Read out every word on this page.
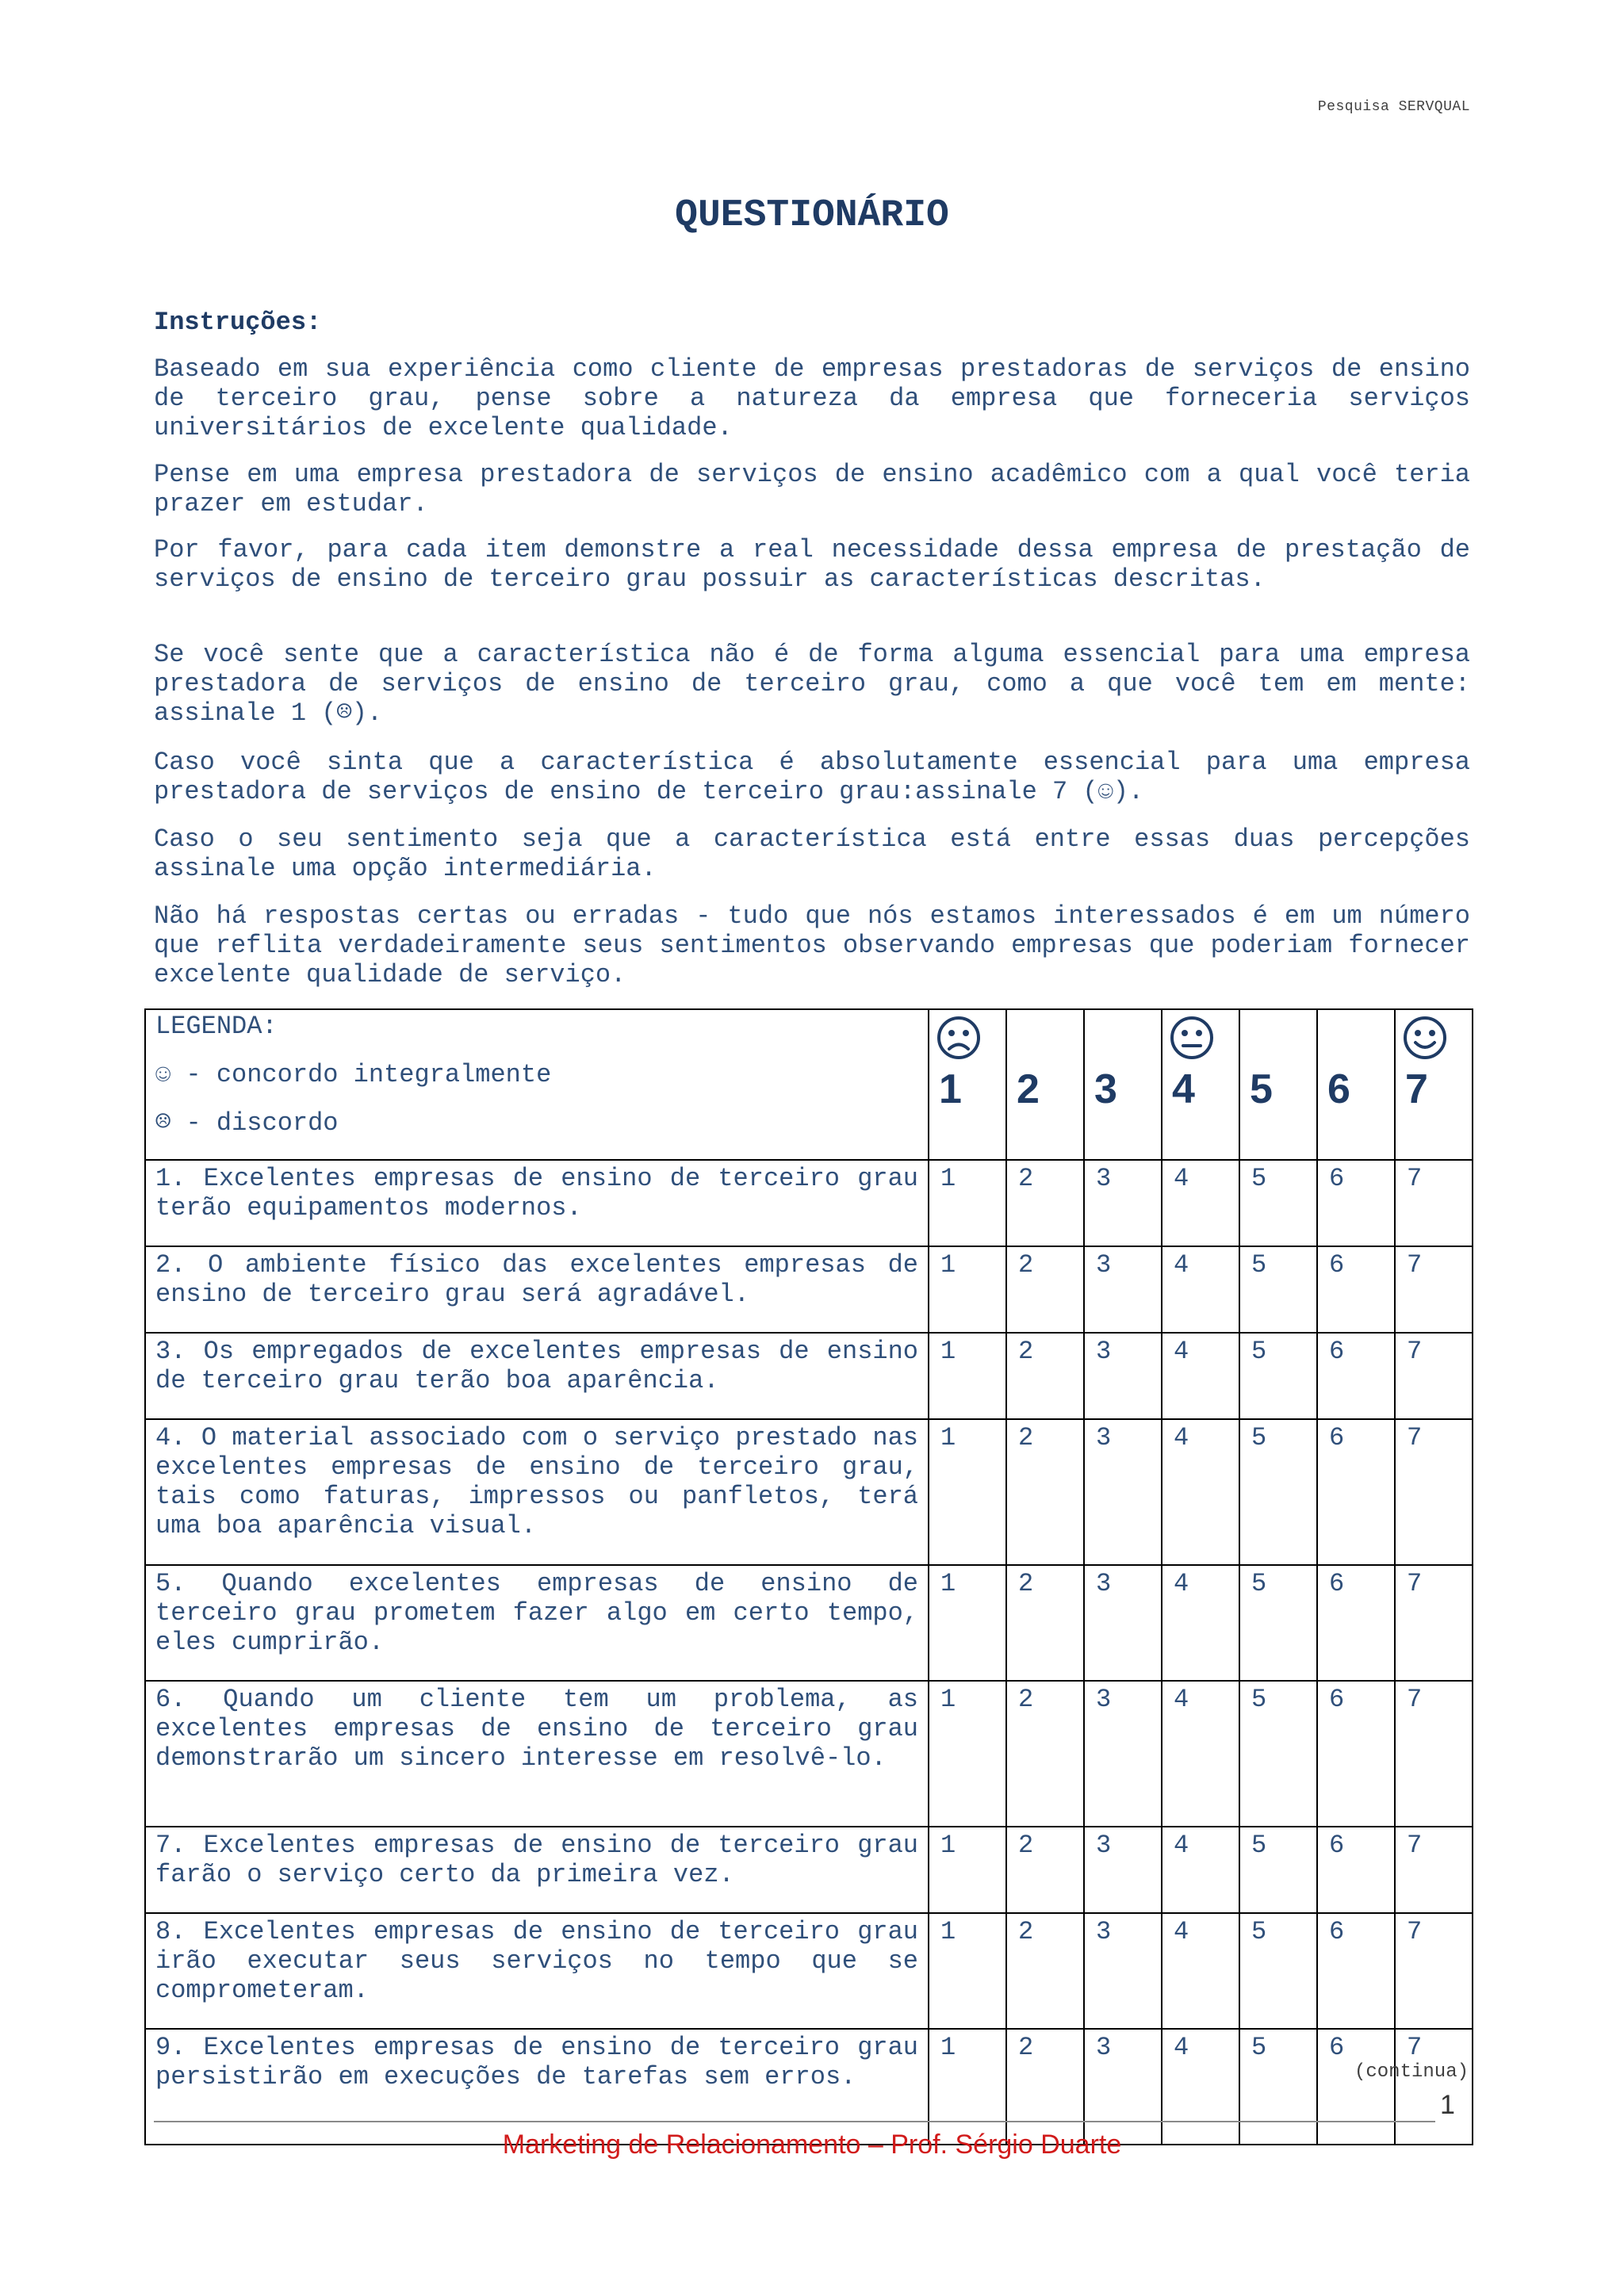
Pesquisa SERVQUAL
QUESTIONÁRIO
Instruções:
Baseado em sua experiência como cliente de empresas prestadoras de serviços de ensino de terceiro grau, pense sobre a natureza da empresa que forneceria serviços universitários de excelente qualidade.
Pense em uma empresa prestadora de serviços de ensino acadêmico com a qual você teria prazer em estudar.
Por favor, para cada item demonstre a real necessidade dessa empresa de prestação de serviços de ensino de terceiro grau possuir as características descritas.
Se você sente que a característica não é de forma alguma essencial para uma empresa prestadora de serviços de ensino de terceiro grau, como a que você tem em mente: assinale 1 (☹).
Caso você sinta que a característica é absolutamente essencial para uma empresa prestadora de serviços de ensino de terceiro grau:assinale 7 (☺).
Caso o seu sentimento seja que a característica está entre essas duas percepções assinale uma opção intermediária.
Não há respostas certas ou erradas - tudo que nós estamos interessados é em um número que reflita verdadeiramente seus sentimentos observando empresas que poderiam fornecer excelente qualidade de serviço.
LEGENDA:
☺ - concordo integralmente
☹ - discordo	1	2	3	4	5	6	7

1. Excelentes empresas de ensino de terceiro grau terão equipamentos modernos.	1	2	3	4	5	6	7
2. O ambiente físico das excelentes empresas de ensino de terceiro grau será agradável.	1	2	3	4	5	6	7
3. Os empregados de excelentes empresas de ensino de terceiro grau terão boa aparência.	1	2	3	4	5	6	7
4. O material associado com o serviço prestado nas excelentes empresas de ensino de terceiro grau, tais como faturas, impressos ou panfletos, terá uma boa aparência visual.	1	2	3	4	5	6	7
5. Quando excelentes empresas de ensino de terceiro grau prometem fazer algo em certo tempo, eles cumprirão.	1	2	3	4	5	6	7
6. Quando um cliente tem um problema, as excelentes empresas de ensino de terceiro grau demonstrarão um sincero interesse em resolvê-lo.	1	2	3	4	5	6	7
7. Excelentes empresas de ensino de terceiro grau farão o serviço certo da primeira vez.	1	2	3	4	5	6	7
8. Excelentes empresas de ensino de terceiro grau irão executar seus serviços no tempo que se comprometeram.	1	2	3	4	5	6	7
9. Excelentes empresas de ensino de terceiro grau persistirão em execuções de tarefas sem erros.	1	2	3	4	5	6	7
(continua)
1
Marketing de Relacionamento – Prof. Sérgio Duarte
